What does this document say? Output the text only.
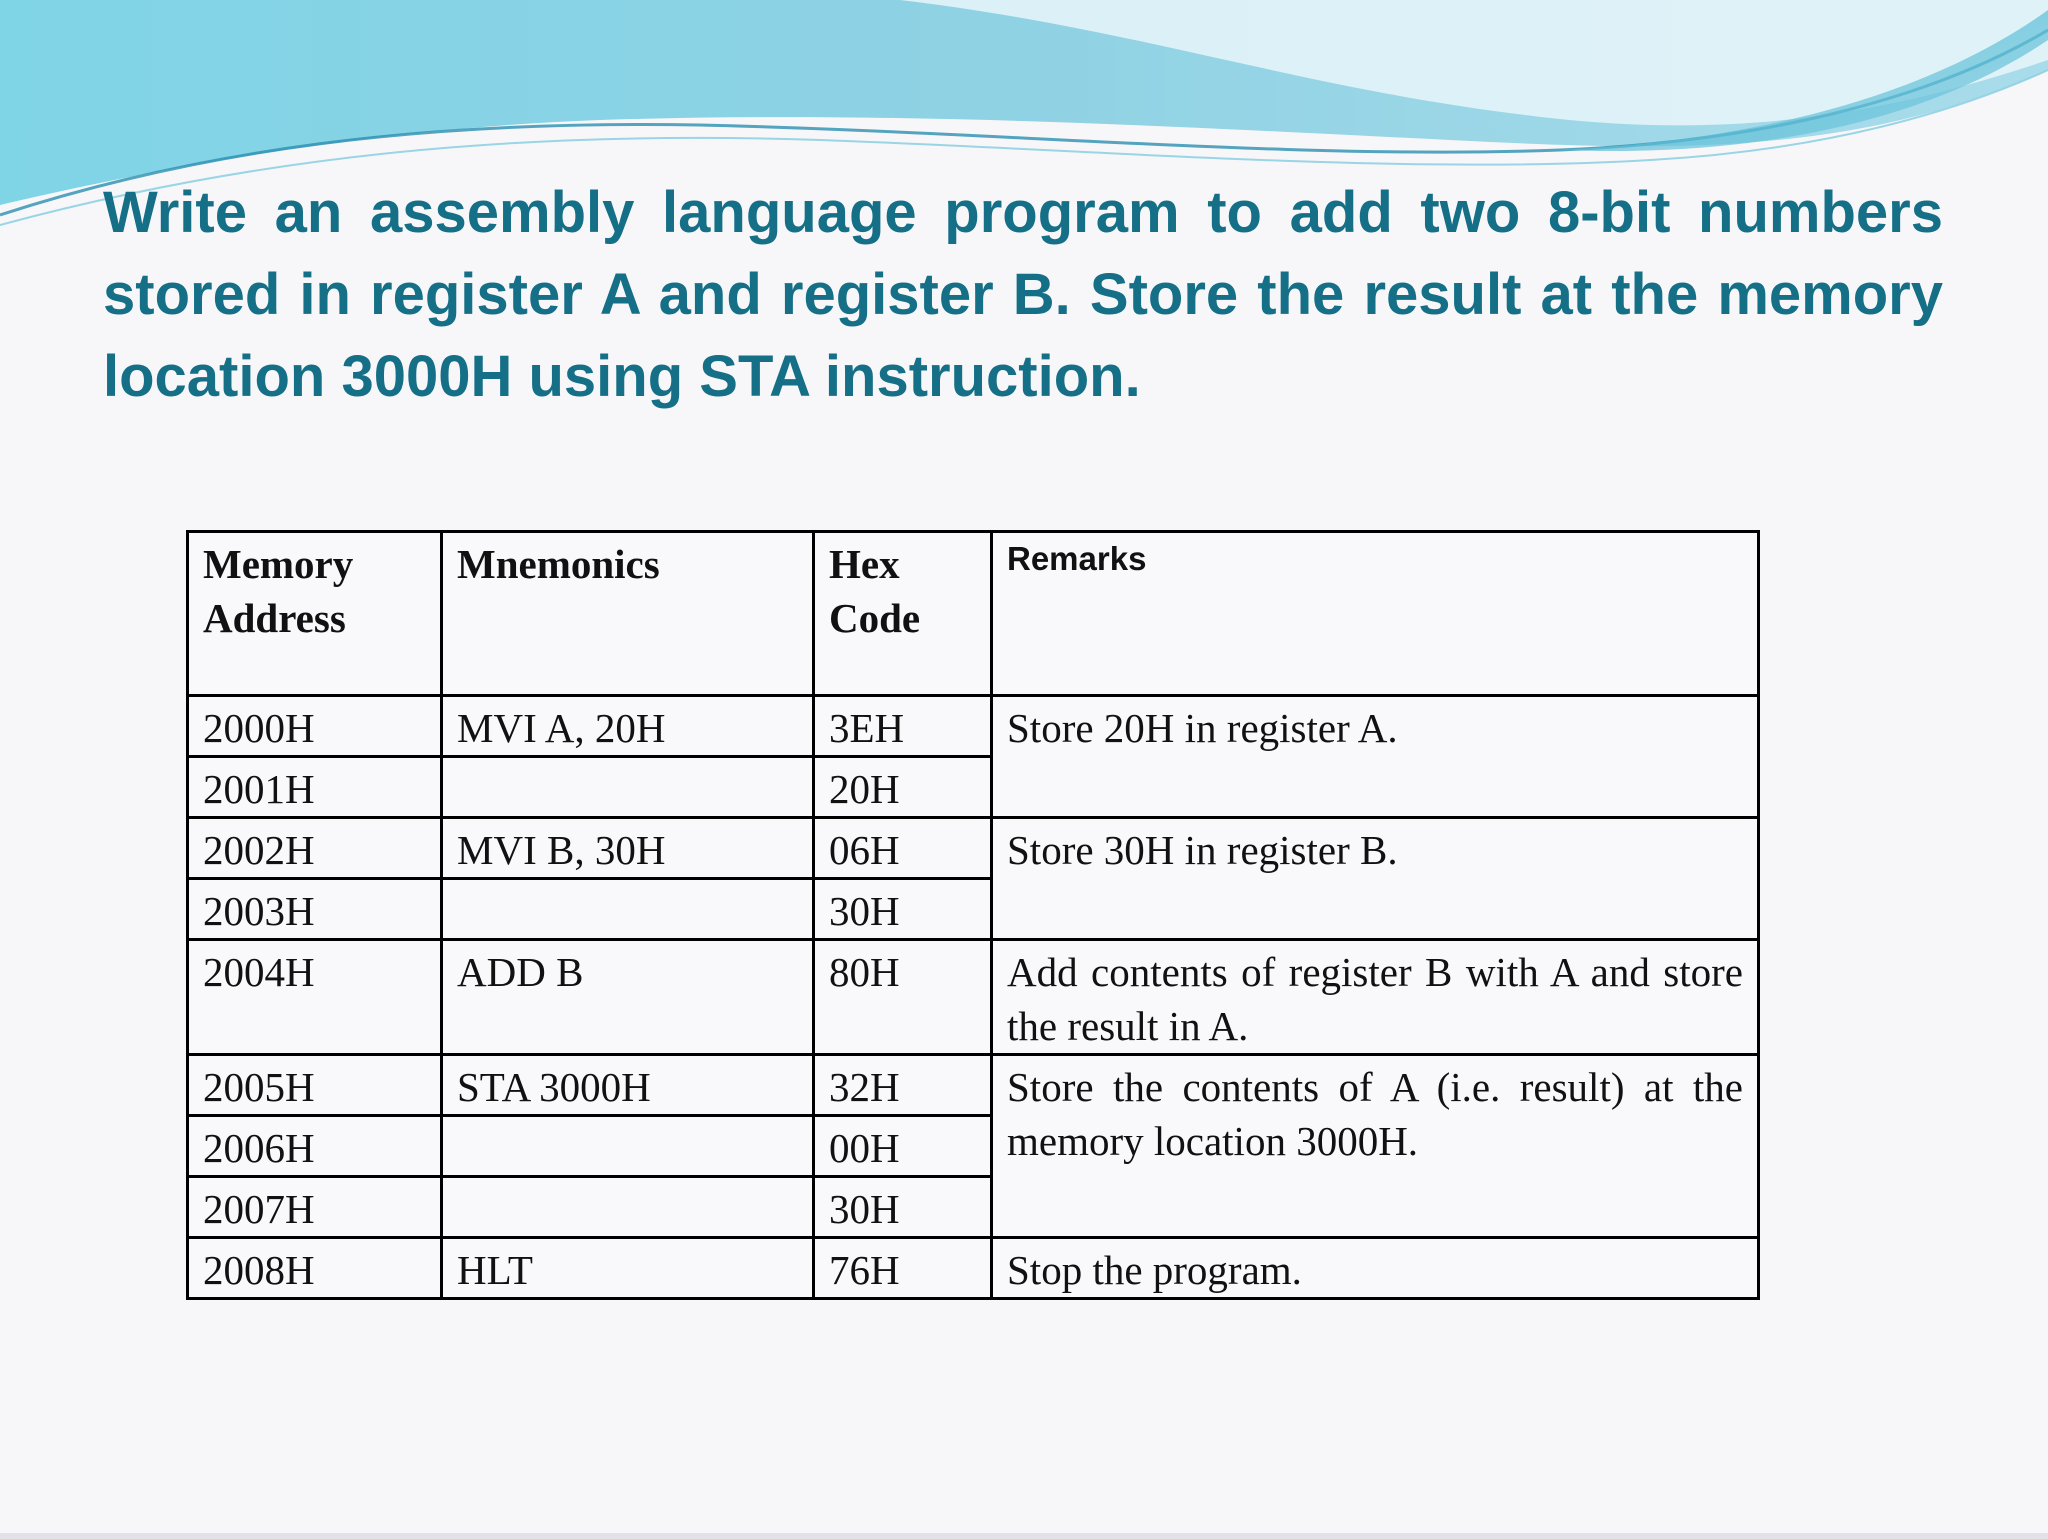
Write an assembly language program to add two 8-bit numbers stored in register A and register B. Store the result at the memory location 3000H using STA instruction.

Memory Address	Mnemonics	Hex Code	Remarks
2000H	MVI A, 20H	3EH	Store 20H in register A.
2001H		20H	
2002H	MVI B, 30H	06H	Store 30H in register B.
2003H		30H	
2004H	ADD B	80H	Add contents of register B with A and store the result in A.
2005H	STA 3000H	32H	Store the contents of A (i.e. result) at the memory location 3000H.
2006H		00H	
2007H		30H	
2008H	HLT	76H	Stop the program.
